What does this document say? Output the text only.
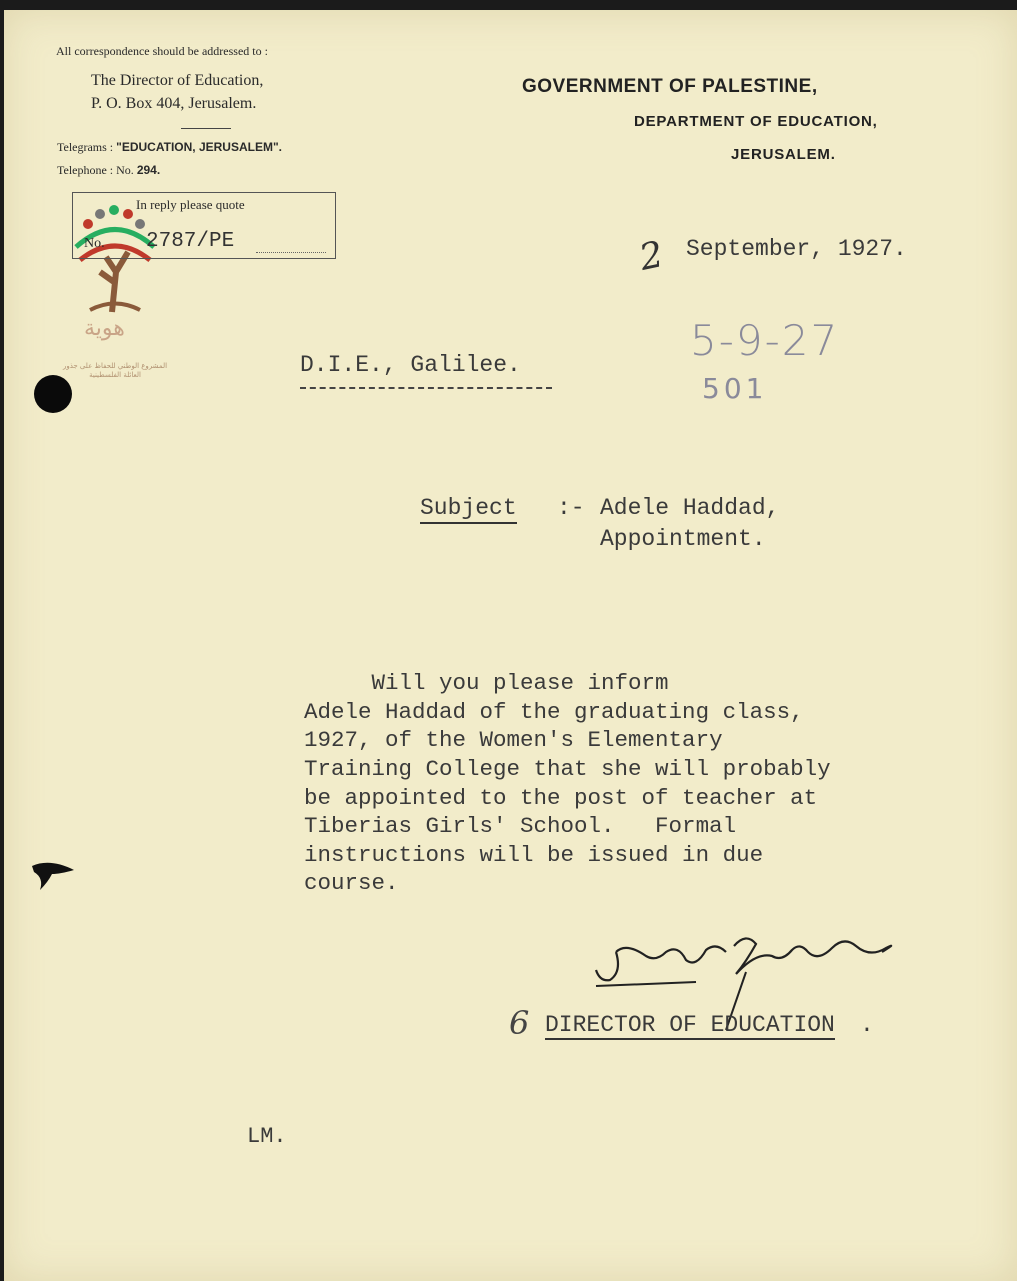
هوية
المشروع الوطني للحفاظ على جذور العائلة الفلسطينية
All correspondence should be addressed to :
The Director of Education,
P. O. Box 404, Jerusalem.
Telegrams : "EDUCATION, JERUSALEM".
Telephone : No. 294.
In reply please quote
No. 2787/PE
GOVERNMENT OF PALESTINE,
DEPARTMENT OF EDUCATION,
JERUSALEM.
2 September, 1927.
5-9-27
501
D.I.E., Galilee.
Subject :- Adele Haddad,
Appointment.
Will you please inform
Adele Haddad of the graduating class,
1927, of the Women's Elementary
Training College that she will probably
be appointed to the post of teacher at
Tiberias Girls' School.   Formal
instructions will be issued in due
course.
6 DIRECTOR OF EDUCATION .
LM.
